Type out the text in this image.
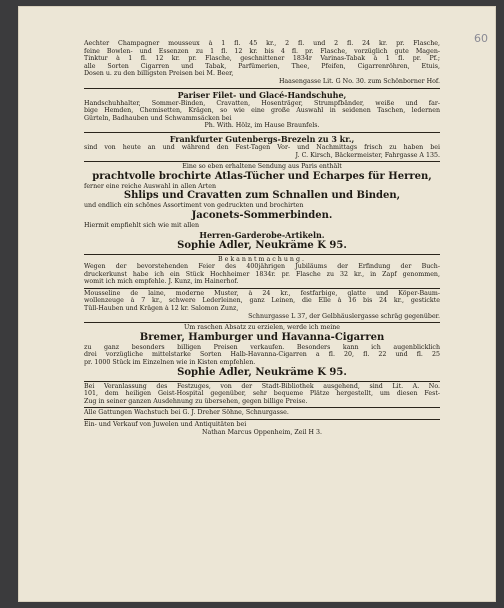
60
Aechter Champagner mousseux à 1 fl. 45 kr., 2 fl. und 2 fl. 24 kr. pr. Flasche,
feine Bowlen- und Essenzen zu 1 fl. 12 kr. bis 4 fl. pr. Flasche, vorzüglich gute Magen-
Tinktur à 1 fl. 12 kr. pr. Flasche, geschnittener 1834r Varinas-Tabak à 1 fl. pr. Pf.;
alle Sorten Cigarren und Tabak, Parfümerien, Thee, Pfeifen, Cigarrenröhren, Etuis,
Dosen u. zu den billigsten Preisen bei M. Beer,
Haasengasse Lit. G No. 30. zum Schönborner Hof.
Pariser Filet- und Glacé-Handschuhe,
Handschuhhalter, Sommer-Binden, Cravatten, Hosenträger, Strumpfbänder, weiße und far-
bige Hemden, Chemisetten, Krägen, so wie eine große Auswahl in seidenen Taschen, ledernen
Gürteln, Badhauben und Schwammsäcken bei
Ph. With. Hölz, im Hause Braunfels.
Frankfurter Gutenbergs-Brezeln zu 3 kr.,
sind von heute an und während den Fest-Tagen Vor- und Nachmittags frisch zu haben bei
J. C. Kirsch, Bäckermeister, Fahrgasse A 135.
Eine so eben erhaltene Sendung aus Paris enthält
prachtvolle brochirte Atlas-Tücher und Echarpes für Herren,
ferner eine reiche Auswahl in allen Arten
Shlips und Cravatten zum Schnallen und Binden,
und endlich ein schönes Assortiment von gedruckten und brochirten
Jaconets-Sommerbinden.
Hiermit empfiehlt sich wie mit allen
Herren-Garderobe-Artikeln.
Sophie Adler, Neukräme K 95.
Bekanntmachung.
Wegen der bevorstehenden Feier des 400jährigen Jubiläums der Erfindung der Buch-
druckerkunst habe ich ein Stück Hochheimer 1834r. pr. Flasche zu 32 kr., in Zapf genommen,
womit ich mich empfehle. J. Kunz, im Hainerhof.
Mousseline de laine, moderne Muster, à 24 kr., festfarbige, glatte und Köper-Baum-
wollenzeuge à 7 kr., schwere Lederleinen, ganz Leinen, die Elle à 16 bis 24 kr., gestickte
Tüll-Hauben und Krägen à 12 kr. Salomon Zunz,
Schnurgasse L 37, der Gelbhäuslergasse schräg gegenüber.
Um raschen Absatz zu erzielen, werde ich meine
Bremer, Hamburger und Havanna-Cigarren
zu ganz besonders billigen Preisen verkaufen. Besonders kann ich augenblicklich
drei vorzügliche mittelstarke Sorten Halb-Havanna-Cigarren a fl. 20, fl. 22 und fl. 25
pr. 1000 Stück im Einzelnen wie in Kisten empfehlen.
Sophie Adler, Neukräme K 95.
Bei Veranlassung des Festzuges, von der Stadt-Bibliothek ausgehend, sind Lit. A. No.
101, dem heiligen Geist-Hospital gegenüber, sehr bequeme Plätze hergestellt, um diesen Fest-
Zug in seiner ganzen Ausdehnung zu übersehen, gegen billige Preise.
Alle Gattungen Wachstuch bei G. J. Dreher Söhne, Schnurgasse.
Ein- und Verkauf von Juwelen und Antiquitäten bei
Nathan Marcus Oppenheim, Zeil H 3.
